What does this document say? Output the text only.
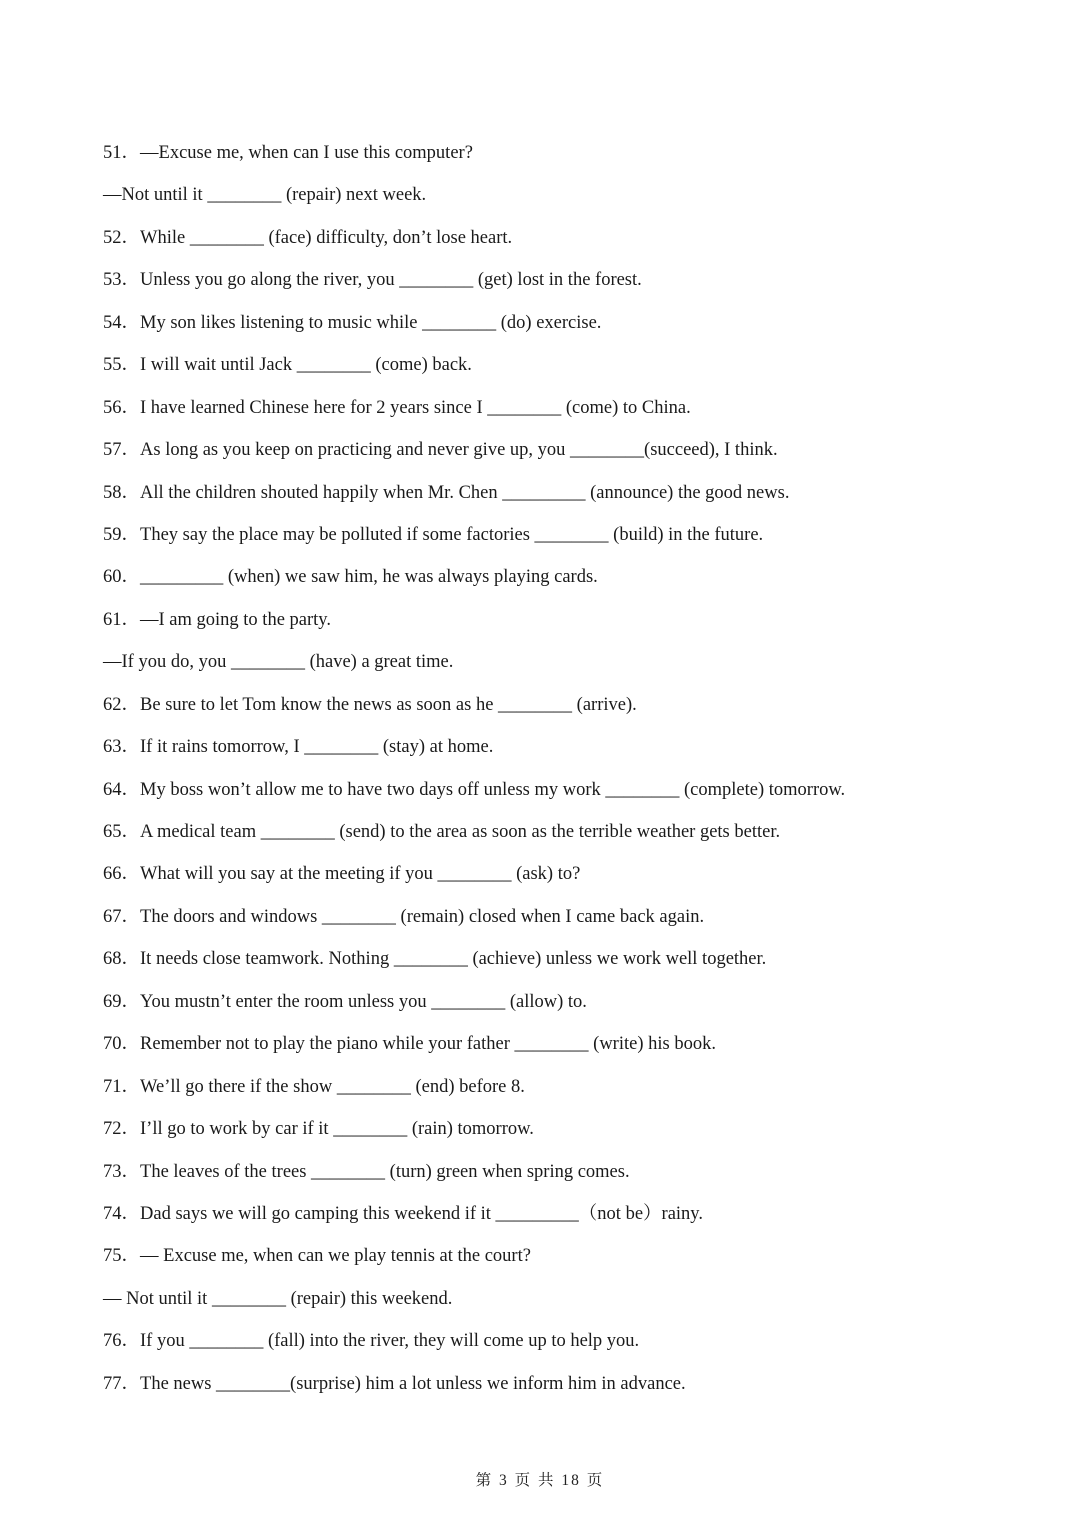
51．—Excuse me, when can I use this computer?
—Not until it ________ (repair) next week.
52．While ________ (face) difficulty, don’t lose heart.
53．Unless you go along the river, you ________ (get) lost in the forest.
54．My son likes listening to music while ________ (do) exercise.
55．I will wait until Jack ________ (come) back.
56．I have learned Chinese here for 2 years since I ________ (come) to China.
57．As long as you keep on practicing and never give up, you ________(succeed), I think.
58．All the children shouted happily when Mr. Chen _________ (announce) the good news.
59．They say the place may be polluted if some factories ________ (build) in the future.
60．_________ (when) we saw him, he was always playing cards.
61．—I am going to the party.
—If you do, you ________ (have) a great time.
62．Be sure to let Tom know the news as soon as he ________ (arrive).
63．If it rains tomorrow, I ________ (stay) at home.
64．My boss won’t allow me to have two days off unless my work ________ (complete) tomorrow.
65．A medical team ________ (send) to the area as soon as the terrible weather gets better.
66．What will you say at the meeting if you ________ (ask) to?
67．The doors and windows ________ (remain) closed when I came back again.
68．It needs close teamwork. Nothing ________ (achieve) unless we work well together.
69．You mustn’t enter the room unless you ________ (allow) to.
70．Remember not to play the piano while your father ________ (write) his book.
71．We’ll go there if the show ________ (end) before 8.
72．I’ll go to work by car if it ________ (rain) tomorrow.
73．The leaves of the trees ________ (turn) green when spring comes.
74．Dad says we will go camping this weekend if it _________（not be）rainy.
75．— Excuse me, when can we play tennis at the court?
— Not until it ________ (repair) this weekend.
76．If you ________ (fall) into the river, they will come up to help you.
77．The news ________(surprise) him a lot unless we inform him in advance.
第 3 页 共 18 页
